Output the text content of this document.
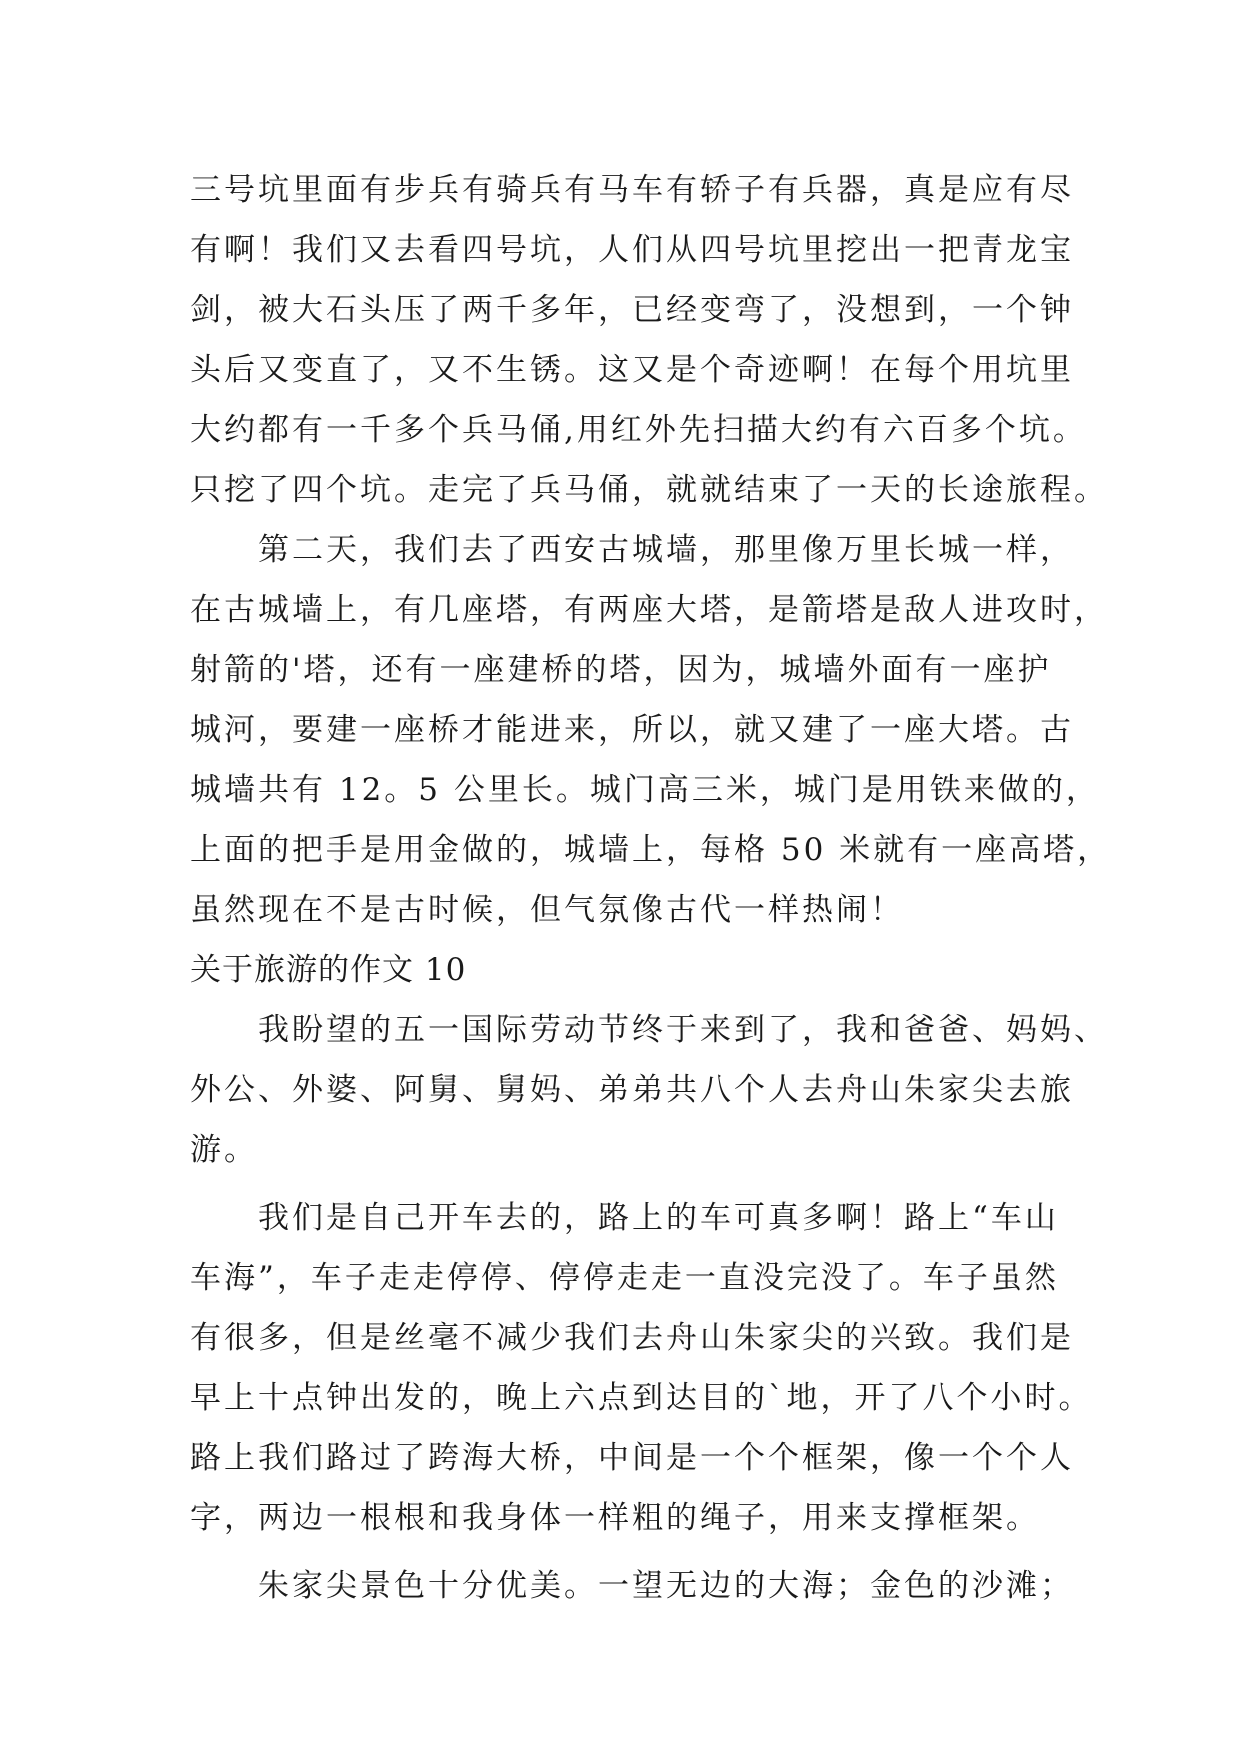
三号坑里面有步兵有骑兵有马车有轿子有兵器，真是应有尽
有啊！我们又去看四号坑，人们从四号坑里挖出一把青龙宝
剑，被大石头压了两千多年，已经变弯了，没想到，一个钟
头后又变直了，又不生锈。这又是个奇迹啊！在每个用坑里
大约都有一千多个兵马俑,用红外先扫描大约有六百多个坑。
只挖了四个坑。走完了兵马俑，就就结束了一天的长途旅程。
　　第二天，我们去了西安古城墙，那里像万里长城一样，
在古城墙上，有几座塔，有两座大塔，是箭塔是敌人进攻时，
射箭的'塔，还有一座建桥的塔，因为，城墙外面有一座护
城河，要建一座桥才能进来，所以，就又建了一座大塔。古
城墙共有 12。5 公里长。城门高三米，城门是用铁来做的，
上面的把手是用金做的，城墙上，每格 50 米就有一座高塔，
虽然现在不是古时候，但气氛像古代一样热闹！
关于旅游的作文 10
　　我盼望的五一国际劳动节终于来到了，我和爸爸、妈妈、
外公、外婆、阿舅、舅妈、弟弟共八个人去舟山朱家尖去旅
游。
　　我们是自己开车去的，路上的车可真多啊！路上“车山
车海”，车子走走停停、停停走走一直没完没了。车子虽然
有很多，但是丝毫不减少我们去舟山朱家尖的兴致。我们是
早上十点钟出发的，晚上六点到达目的`地，开了八个小时。
路上我们路过了跨海大桥，中间是一个个框架，像一个个人
字，两边一根根和我身体一样粗的绳子，用来支撑框架。
　　朱家尖景色十分优美。一望无边的大海；金色的沙滩；
